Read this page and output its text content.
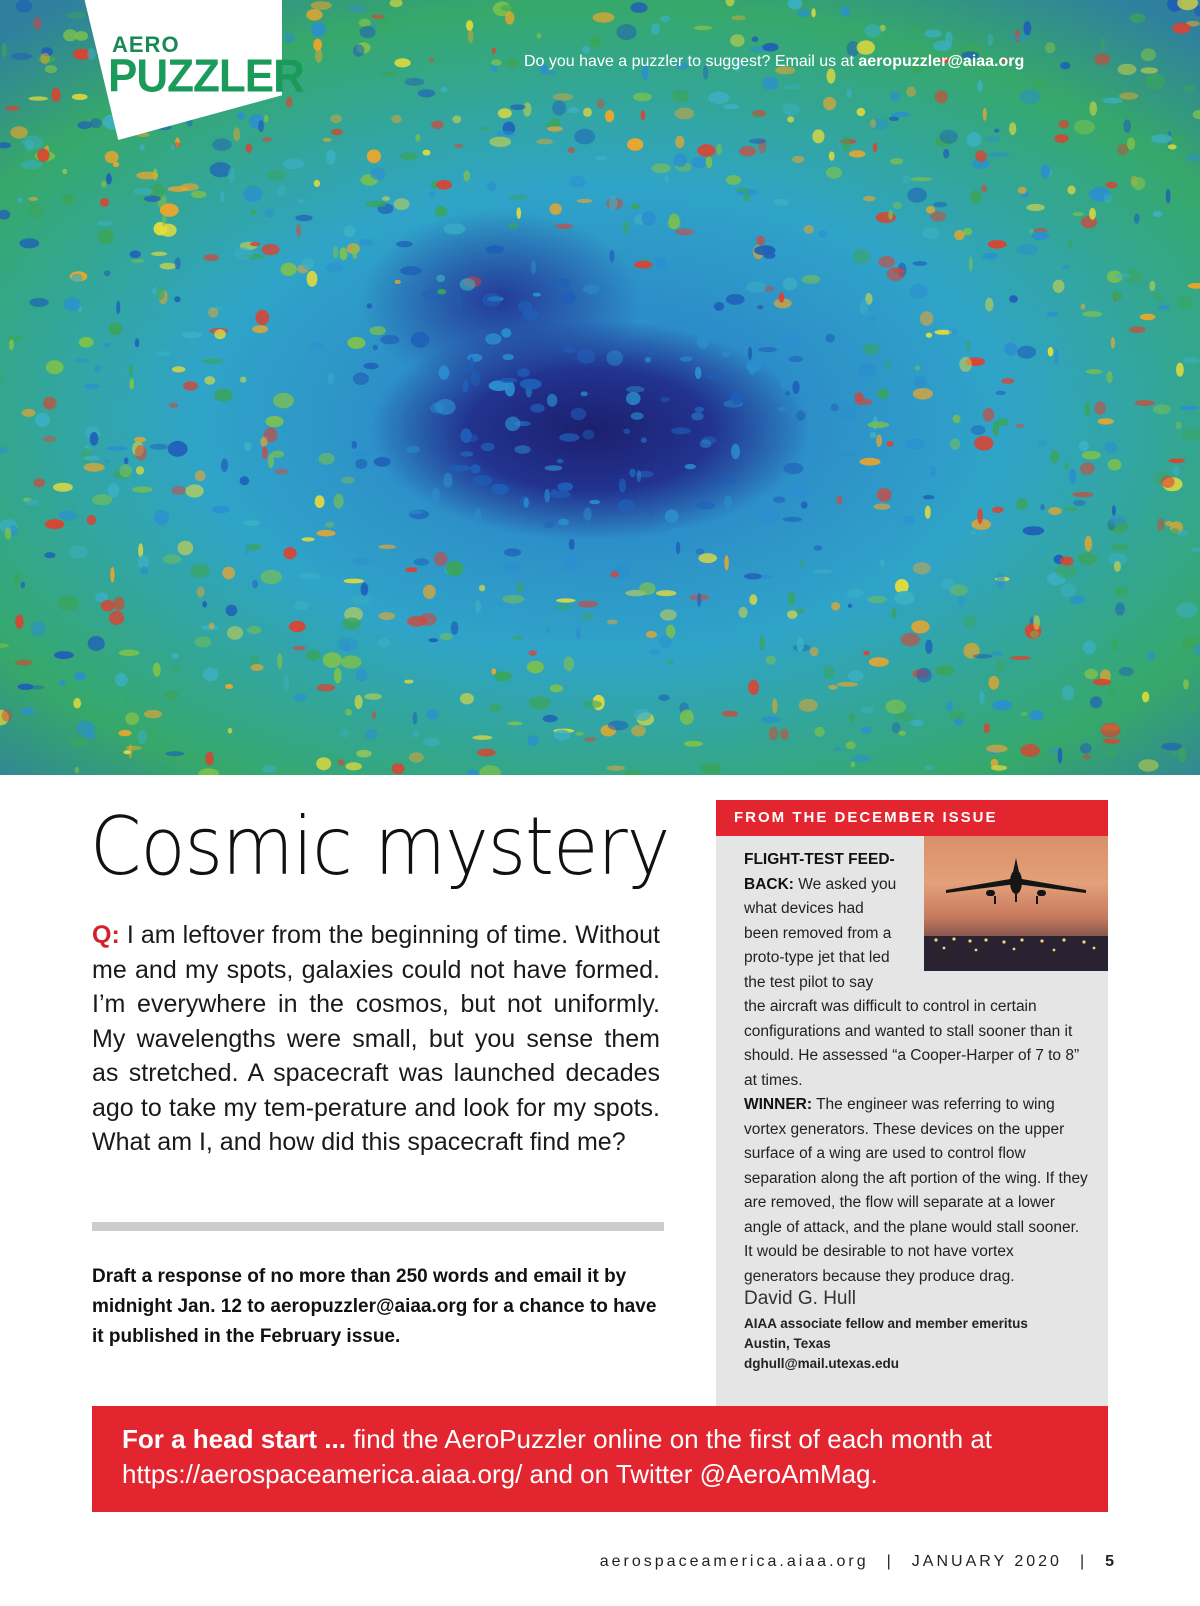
AERO
PUZZLER	Do you have a puzzler to suggest? Email us at aeropuzzler@aiaa.org
Cosmic mystery

Q: I am leftover from the beginning of time. Without me and my spots, galaxies could not have formed. I’m everywhere in the cosmos, but not uniformly. My wavelengths were small, but you sense them as stretched. A spacecraft was launched decades ago to take my tem-perature and look for my spots. What am I, and how did this spacecraft find me?

Draft a response of no more than 250 words and email it by midnight Jan. 12 to aeropuzzler@aiaa.org for a chance to have it published in the February issue.

FROM THE DECEMBER ISSUE

FLIGHT-TEST FEED-BACK: We asked you what devices had been removed from a proto-type jet that led the test pilot to say the aircraft was difficult to control in certain configurations and wanted to stall sooner than it should. He assessed “a Cooper-Harper of 7 to 8” at times.
WINNER: The engineer was referring to wing vortex generators. These devices on the upper surface of a wing are used to control flow separation along the aft portion of the wing. If they are removed, the flow will separate at a lower angle of attack, and the plane would stall sooner. It would be desirable to not have vortex generators because they produce drag.

David G. Hull
AIAA associate fellow and member emeritus
Austin, Texas
dghull@mail.utexas.edu
For a head start ... find the AeroPuzzler online on the first of each month at https://aerospaceamerica.aiaa.org/ and on Twitter @AeroAmMag.
aerospaceamerica.aiaa.org | JANUARY 2020 | 5
